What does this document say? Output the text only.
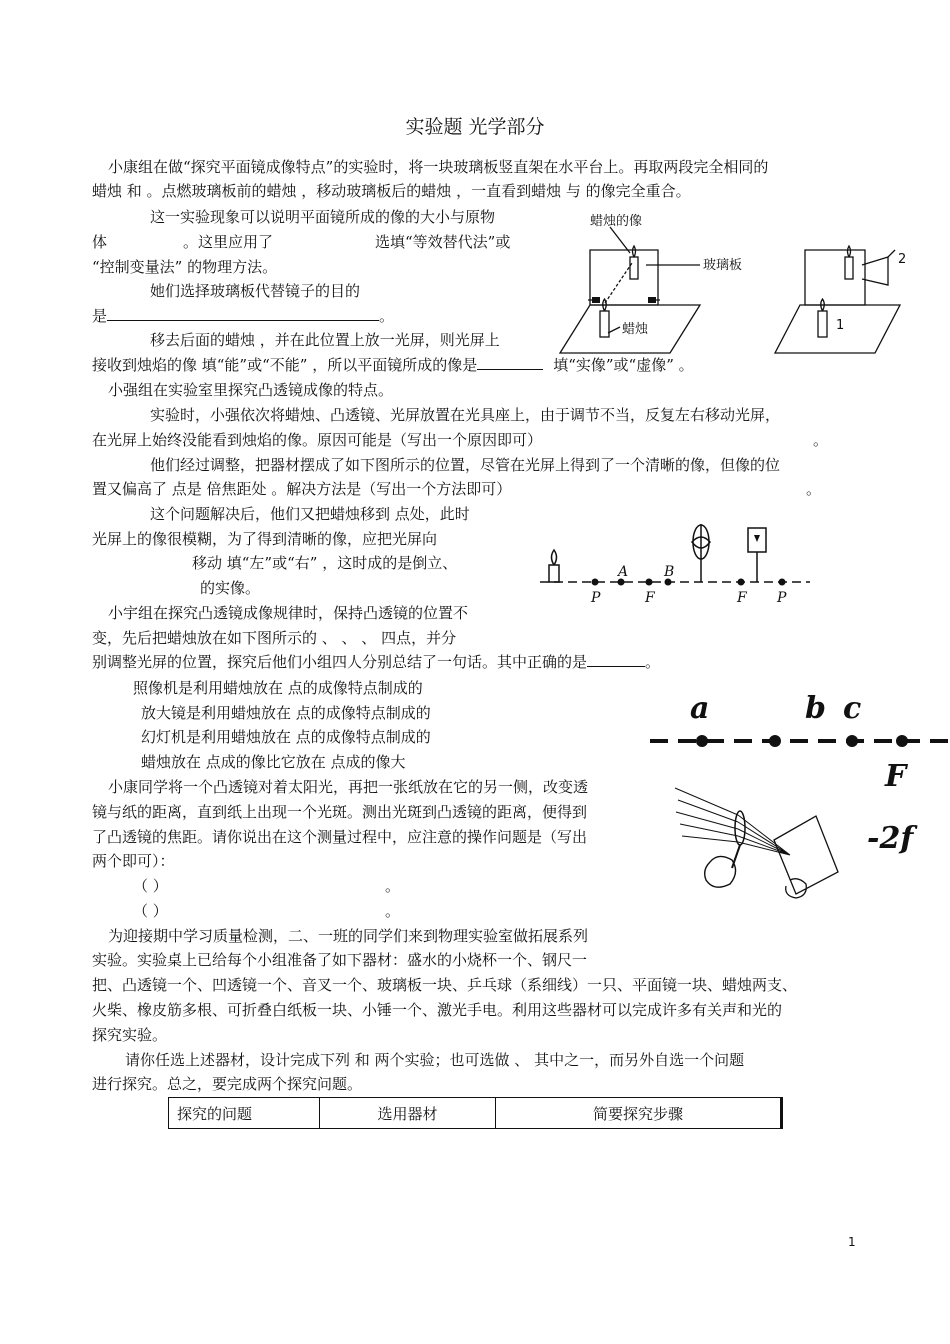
实验题 光学部分
小康组在做“探究平面镜成像特点”的实验时，将一块玻璃板竖直架在水平台上。再取两段完全相同的
蜡烛 和 。点燃玻璃板前的蜡烛 ，移动玻璃板后的蜡烛 ，一直看到蜡烛 与 的像完全重合。
这一实验现象可以说明平面镜所成的像的大小与原物
体	。这里应用了	选填“等效替代法”或
“控制变量法” 的物理方法。
她们选择玻璃板代替镜子的目的
是	。
移去后面的蜡烛 ，并在此位置上放一光屏，则光屏上
接收到烛焰的像 填“能”或“不能” ，所以平面镜所成的像是	填“实像”或“虚像” 。
小强组在实验室里探究凸透镜成像的特点。
实验时，小强依次将蜡烛、凸透镜、光屏放置在光具座上，由于调节不当，反复左右移动光屏，
在光屏上始终没能看到烛焰的像。原因可能是（写出一个原因即可）	。
他们经过调整，把器材摆成了如下图所示的位置，尽管在光屏上得到了一个清晰的像，但像的位
置又偏高了 点是 倍焦距处 。解决方法是（写出一个方法即可）	。
这个问题解决后，他们又把蜡烛移到 点处，此时
光屏上的像很模糊，为了得到清晰的像，应把光屏向
移动 填“左”或“右” ，这时成的是倒立、
的实像。
小宇组在探究凸透镜成像规律时，保持凸透镜的位置不
变，先后把蜡烛放在如下图所示的 、 、 、 四点，并分
别调整光屏的位置，探究后他们小组四人分别总结了一句话。其中正确的是	。
照像机是利用蜡烛放在 点的成像特点制成的
放大镜是利用蜡烛放在 点的成像特点制成的
幻灯机是利用蜡烛放在 点的成像特点制成的
蜡烛放在 点成的像比它放在 点成的像大
小康同学将一个凸透镜对着太阳光，再把一张纸放在它的另一侧，改变透
镜与纸的距离，直到纸上出现一个光斑。测出光斑到凸透镜的距离，便得到
了凸透镜的焦距。请你说出在这个测量过程中，应注意的操作问题是（写出
两个即可）：
（ ）	。
（ ）	。
为迎接期中学习质量检测，二、一班的同学们来到物理实验室做拓展系列
实验。实验桌上已给每个小组准备了如下器材：盛水的小烧杯一个、钢尺一
把、凸透镜一个、凹透镜一个、音叉一个、玻璃板一块、乒乓球（系细线）一只、平面镜一块、蜡烛两支、
火柴、橡皮筋多根、可折叠白纸板一块、小锤一个、激光手电。利用这些器材可以完成许多有关声和光的
探究实验。
请你任选上述器材，设计完成下列 和 两个实验；也可选做 、 其中之一，而另外自选一个问题
进行探究。总之，要完成两个探究问题。
蜡烛的像
玻璃板
蜡烛	1
2
P
A
F
B
F P
a	b c
F
-2f
探究的问题	选用器材	简要探究步骤
1
